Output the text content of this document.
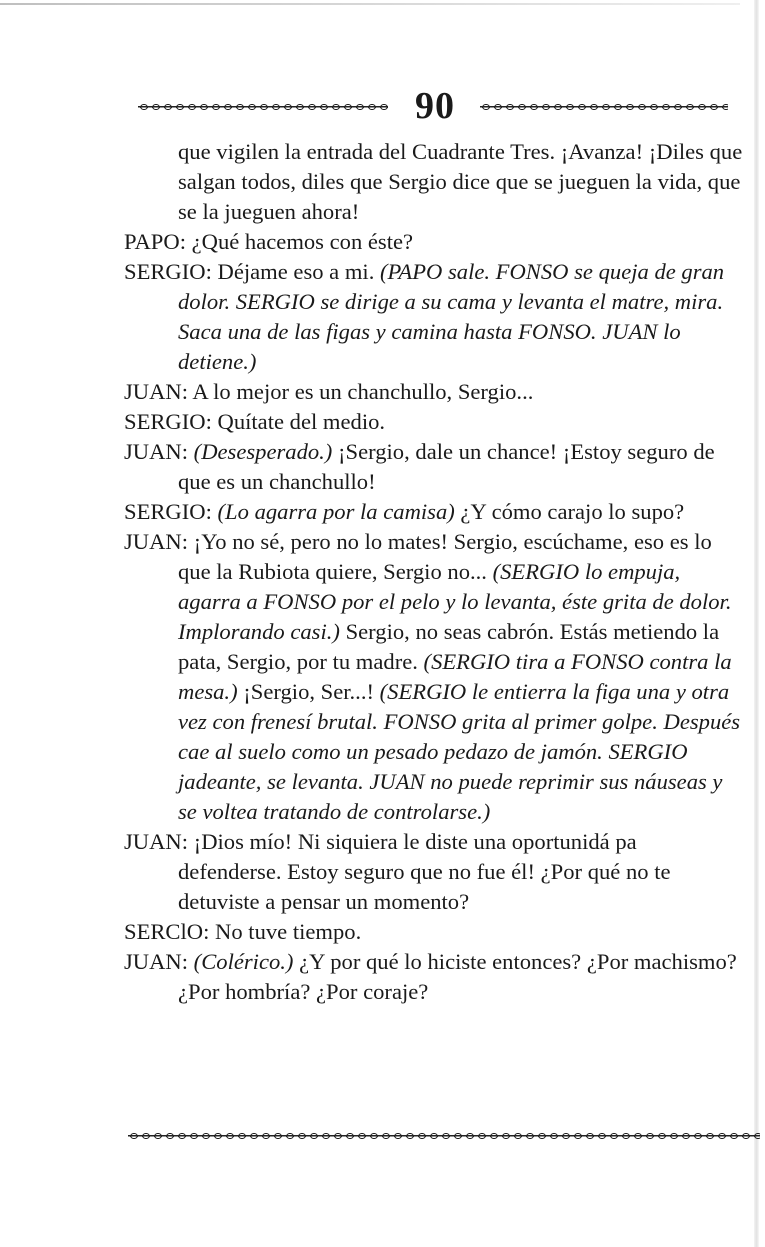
90

que vigilen la entrada del Cuadrante Tres. ¡Avanza! ¡Diles que salgan todos, diles que Sergio dice que se jueguen la vida, que se la jueguen ahora!

PAPO: ¿Qué hacemos con éste?

SERGIO: Déjame eso a mi. (PAPO sale. FONSO se queja de gran dolor. SERGIO se dirige a su cama y levanta el matre, mira. Saca una de las figas y camina hasta FONSO. JUAN lo detiene.)

JUAN: A lo mejor es un chanchullo, Sergio...

SERGIO: Quítate del medio.

JUAN: (Desesperado.) ¡Sergio, dale un chance! ¡Estoy seguro de que es un chanchullo!

SERGIO: (Lo agarra por la camisa) ¿Y cómo carajo lo supo?

JUAN: ¡Yo no sé, pero no lo mates! Sergio, escúchame, eso es lo que la Rubiota quiere, Sergio no... (SERGIO lo empuja, agarra a FONSO por el pelo y lo levanta, éste grita de dolor. Implorando casi.) Sergio, no seas cabrón. Estás metiendo la pata, Sergio, por tu madre. (SERGIO tira a FONSO contra la mesa.) ¡Sergio, Ser...! (SERGIO le entierra la figa una y otra vez con frenesí brutal. FONSO grita al primer golpe. Después cae al suelo como un pesado pedazo de jamón. SERGIO jadeante, se levanta. JUAN no puede reprimir sus náuseas y se voltea tratando de controlarse.)

JUAN: ¡Dios mío! Ni siquiera le diste una oportunidá pa defenderse. Estoy seguro que no fue él! ¿Por qué no te detuviste a pensar un momento?

SERClO: No tuve tiempo.

JUAN: (Colérico.) ¿Y por qué lo hiciste entonces? ¿Por machismo? ¿Por hombría? ¿Por coraje?
